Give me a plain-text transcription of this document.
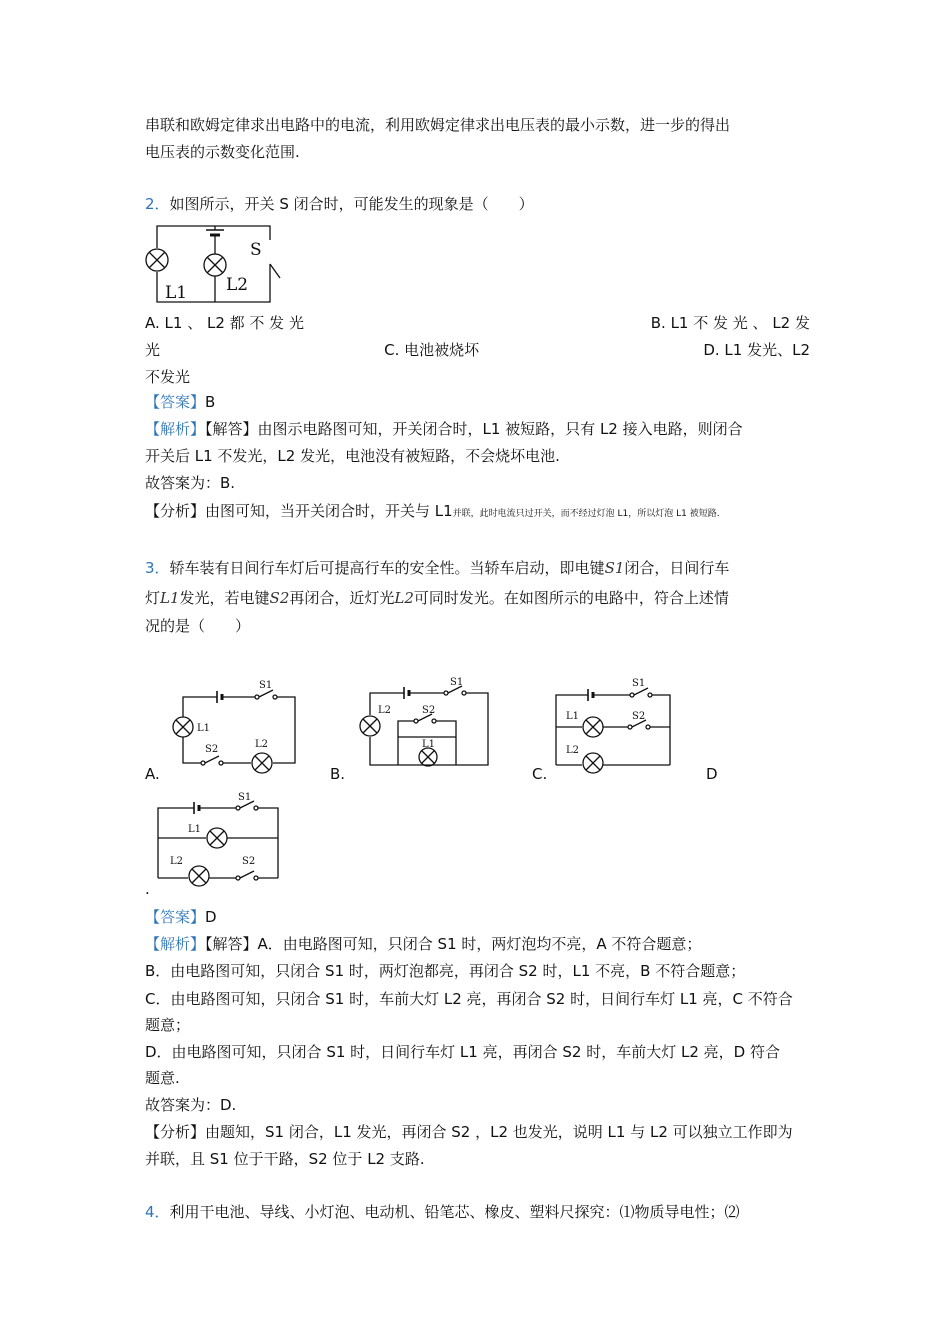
串联和欧姆定律求出电路中的电流，利用欧姆定律求出电压表的最小示数，进一步的得出
电压表的示数变化范围.
2．如图所示，开关 S 闭合时，可能发生的现象是（　　）
L1 L2
S
A. L1 、 L2 都 不 发 光	B. L1 不 发 光 、 L2 发
光	C. 电池被烧坏	D. L1 发光、L2
不发光
【答案】B
【解析】【解答】由图示电路图可知，开关闭合时，L1 被短路，只有 L2 接入电路，则闭合
开关后 L1 不发光，L2 发光，电池没有被短路，不会烧坏电池.
故答案为：B.
【分析】由图可知，当开关闭合时，开关与 L1并联，此时电流只过开关，而不经过灯泡 L1，所以灯泡 L1 被短路.
3．轿车装有日间行车灯后可提高行车的安全性。当轿车启动，即电键S1闭合，日间行车
灯L1发光，若电键S2再闭合，近灯光L2可同时发光。在如图所示的电路中，符合上述情
况的是（　　）
S1
L1
S2	L2
A.
S1
L2	S2
L1
B.
S1
L1	S2
L2
C.	D
S1
L1
L2	S2
.
【答案】D
【解析】【解答】A．由电路图可知，只闭合 S1 时，两灯泡均不亮，A 不符合题意；
B．由电路图可知，只闭合 S1 时，两灯泡都亮，再闭合 S2 时，L1 不亮，B 不符合题意；
C．由电路图可知，只闭合 S1 时，车前大灯 L2 亮，再闭合 S2 时，日间行车灯 L1 亮，C 不符合
题意；
D．由电路图可知，只闭合 S1 时，日间行车灯 L1 亮，再闭合 S2 时，车前大灯 L2 亮，D 符合
题意.
故答案为：D.
【分析】由题知，S1 闭合，L1 发光，再闭合 S2 ，L2 也发光，说明 L1 与 L2 可以独立工作即为
并联，且 S1 位于干路，S2 位于 L2 支路.
4．利用干电池、导线、小灯泡、电动机、铅笔芯、橡皮、塑料尺探究：⑴物质导电性；⑵
